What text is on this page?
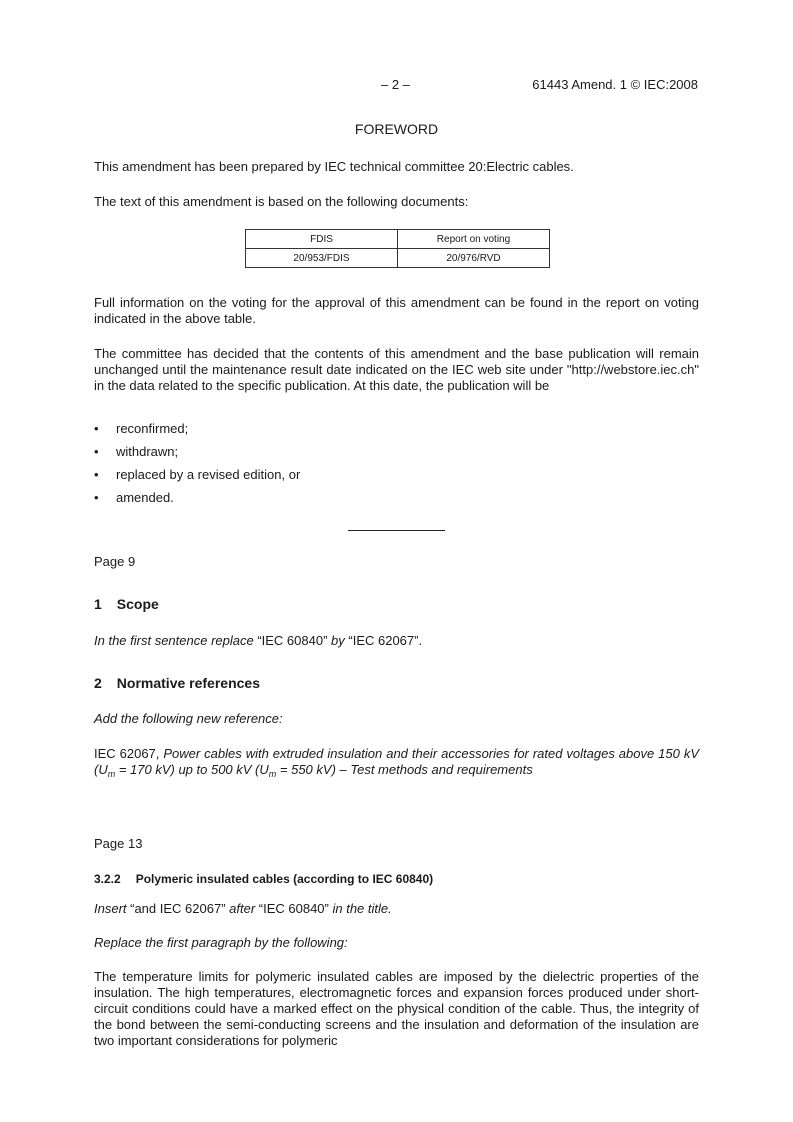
– 2 –	61443 Amend. 1 © IEC:2008
FOREWORD
This amendment has been prepared by IEC technical committee 20:Electric cables.
The text of this amendment is based on the following documents:
FDIS	Report on voting
20/953/FDIS	20/976/RVD
Full information on the voting for the approval of this amendment can be found in the report on voting indicated in the above table.
The committee has decided that the contents of this amendment and the base publication will remain unchanged until the maintenance result date indicated on the IEC web site under "http://webstore.iec.ch" in the data related to the specific publication. At this date, the publication will be
• reconfirmed;
• withdrawn;
• replaced by a revised edition, or
• amended.
Page 9
1 Scope
In the first sentence replace “IEC 60840” by “IEC 62067”.
2 Normative references
Add the following new reference:
IEC 62067, Power cables with extruded insulation and their accessories for rated voltages above 150 kV ($U_m = 170$ kV) up to 500 kV ($U_m = 550$ kV) – Test methods and requirements
Page 13
3.2.2 Polymeric insulated cables (according to IEC 60840)
Insert “and IEC 62067” after “IEC 60840” in the title.
Replace the first paragraph by the following:
The temperature limits for polymeric insulated cables are imposed by the dielectric properties of the insulation. The high temperatures, electromagnetic forces and expansion forces produced under short-circuit conditions could have a marked effect on the physical condition of the cable. Thus, the integrity of the bond between the semi-conducting screens and the insulation and deformation of the insulation are two important considerations for polymeric
